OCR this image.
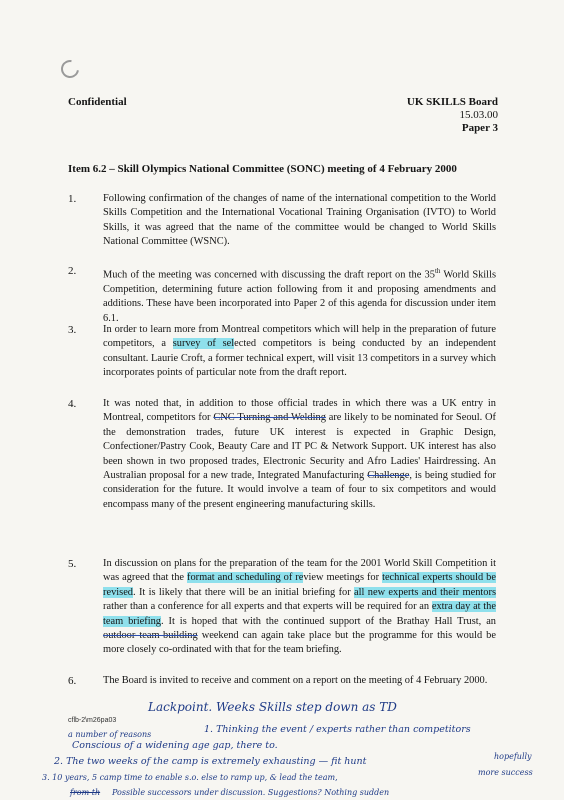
Confidential	UK SKILLS Board
15.03.00
Paper 3
Item 6.2 – Skill Olympics National Committee (SONC) meeting of 4 February 2000
1.	Following confirmation of the changes of name of the international competition to the World Skills Competition and the International Vocational Training Organisation (IVTO) to World Skills, it was agreed that the name of the committee would be changed to World Skills National Committee (WSNC).
2.	Much of the meeting was concerned with discussing the draft report on the 35th World Skills Competition, determining future action following from it and proposing amendments and additions. These have been incorporated into Paper 2 of this agenda for discussion under item 6.1.
3.	In order to learn more from Montreal competitors which will help in the preparation of future competitors, a survey of selected competitors is being conducted by an independent consultant. Laurie Croft, a former technical expert, will visit 13 competitors in a survey which incorporates points of particular note from the draft report.
4.	It was noted that, in addition to those official trades in which there was a UK entry in Montreal, competitors for CNC Turning and Welding are likely to be nominated for Seoul. Of the demonstration trades, future UK interest is expected in Graphic Design, Confectioner/Pastry Cook, Beauty Care and IT PC & Network Support. UK interest has also been shown in two proposed trades, Electronic Security and Afro Ladies' Hairdressing. An Australian proposal for a new trade, Integrated Manufacturing Challenge, is being studied for consideration for the future. It would involve a team of four to six competitors and would encompass many of the present engineering manufacturing skills.
5.	In discussion on plans for the preparation of the team for the 2001 World Skill Competition it was agreed that the format and scheduling of review meetings for technical experts should be revised. It is likely that there will be an initial briefing for all new experts and their mentors rather than a conference for all experts and that experts will be required for an extra day at the team briefing. It is hoped that with the continued support of the Brathay Hall Trust, an outdoor team-building weekend can again take place but the programme for this would be more closely co-ordinated with that for the team briefing.
6.	The Board is invited to receive and comment on a report on the meeting of 4 February 2000.
cflb-2\m26pa03
Lackpoint. Weeks Skills step down as TD
a number of reasons	1. Thinking the event / experts rather than competitors
Conscious of a widening age gap, there to.
2. The two weeks of the camp is extremely exhausting — fit hunt	hopefully
3. 10 years, 5 camp time to enable s.o. else to ramp up, & lead the team,
more success
from th Possible successors under discussion. Suggestions? Nothing sudden
